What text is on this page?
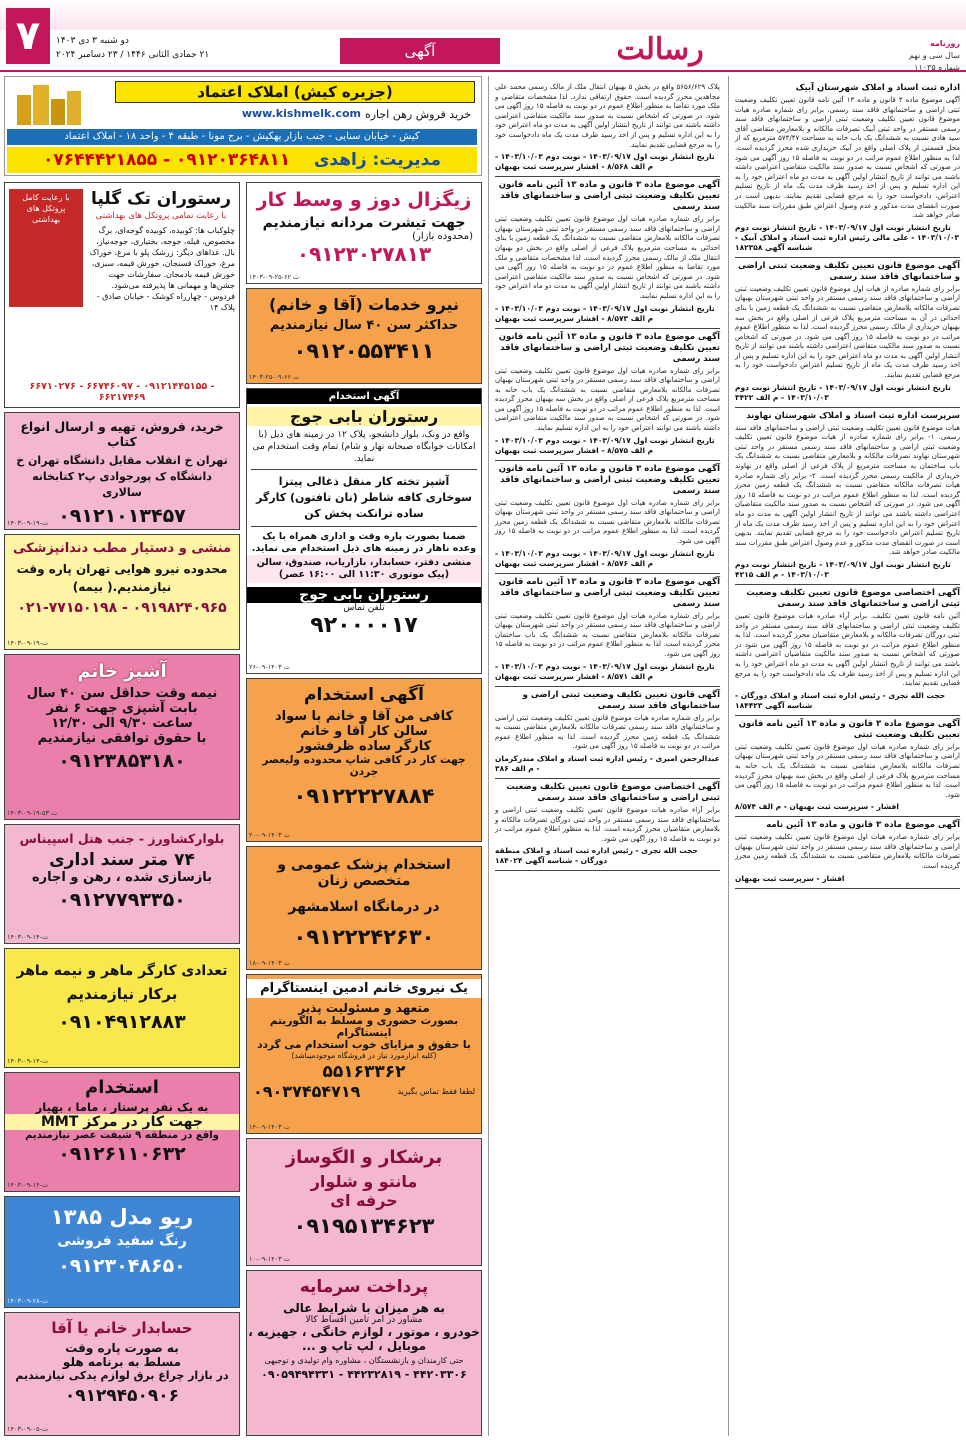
۷	دو شنبه ۳ دی ۱۴۰۳
۲۱ جمادی الثانی ۱۴۴۶ / ۲۳ دسامبر ۲۰۲۴	آگهی	رسالت	روزنامه
سال سی و نهم
شماره ۱۱۰۳۵
اداره ثبت اسناد و املاک شهرستان آبیک
آگهی موضوع ماده ۳ قانون و ماده ۱۳ آئین نامه قانون تعیین تکلیف وضعیت ثبتی اراضی و ساختمانهای فاقد سند رسمی. برابر رای شماره صادره هیات موضوع قانون تعیین تکلیف وضعیت ثبتی اراضی و ساختمانهای فاقد سند رسمی مستقر در واحد ثبتی آبیک تصرفات مالکانه و بلامعارض متقاضی آقای سید هادی نسبت به ششدانگ یک باب خانه به مساحت ۵۷۴/۴۷ مترمربع که از محل قسمتی از پلاک اصلی واقع در آبیک خریداری شده محرز گردیده است. لذا به منظور اطلاع عموم مراتب در دو نوبت به فاصله ۱۵ روز آگهی می شود در صورتی که اشخاص نسبت به صدور سند مالکیت متقاضی اعتراضی داشته باشند می توانند از تاریخ انتشار اولین آگهی به مدت دو ماه اعتراض خود را به این اداره تسلیم و پس از اخذ رسید ظرف مدت یک ماه از تاریخ تسلیم اعتراض، دادخواست خود را به مرجع قضایی تقدیم نمایند. بدیهی است در صورت انقضای مدت مذکور و عدم وصول اعتراض طبق مقررات سند مالکیت صادر خواهد شد.
تاریخ انتشار نوبت اول ۱۴۰۳/۰۹/۱۷ - تاریخ انتشار نوبت دوم ۱۴۰۳/۱۰/۰۳ - علی مالی رئیس اداره ثبت اسناد و املاک آبیک - شناسه آگهی ۱۸۲۳۵۸
آگهی موضوع قانون تعیین تکلیف وضعیت ثبتی اراضی و ساختمانهای فاقد سند رسمی
برابر رای شماره صادره از هیات اول موضوع قانون تعیین تکلیف وضعیت ثبتی اراضی و ساختمانهای فاقد سند رسمی مستقر در واحد ثبتی شهرستان بهبهان تصرفات مالکانه بلامعارض متقاضی نسبت به ششدانگ یک قطعه زمین با بنای احداثی در آن به مساحت مترمربع پلاک فرعی از اصلی واقع در بخش سه بهبهان خریداری از مالک رسمی محرز گردیده است. لذا به منظور اطلاع عموم مراتب در دو نوبت به فاصله ۱۵ روز آگهی می شود. در صورتی که اشخاص نسبت به صدور سند مالکیت متقاضی اعتراضی داشته باشند می توانند از تاریخ انتشار اولین آگهی به مدت دو ماه اعتراض خود را به این اداره تسلیم و پس از اخذ رسید ظرف مدت یک ماه از تاریخ تسلیم اعتراض دادخواست خود را به مرجع قضایی تقدیم نمایند.
تاریخ انتشار نوبت اول ۱۴۰۳/۰۹/۱۷ - تاریخ انتشار نوبت دوم ۱۴۰۳/۱۰/۰۳ - م الف ۳۴۲۲
سرپرست اداره ثبت اسناد و املاک شهرستان نهاوند
هیات موضوع قانون تعیین تکلیف وضعیت ثبتی اراضی و ساختمانهای فاقد سند رسمی. ۱- برابر رای شماره صادره از هیات موضوع قانون تعیین تکلیف وضعیت ثبتی اراضی و ساختمانهای فاقد سند رسمی مستقر در واحد ثبتی شهرستان نهاوند تصرفات مالکانه و بلامعارض متقاضی نسبت به ششدانگ یک باب ساختمان به مساحت مترمربع از پلاک فرعی از اصلی واقع در نهاوند خریداری از مالکیت رسمی محرز گردیده است. ۲- برابر رای شماره صادره هیات تصرفات مالکانه متقاضی نسبت به ششدانگ یک قطعه زمین محرز گردیده است. لذا به منظور اطلاع عموم مراتب در دو نوبت به فاصله ۱۵ روز آگهی می شود. در صورتی که اشخاص نسبت به صدور سند مالکیت متقاضیان اعتراضی داشته باشند می توانند از تاریخ انتشار اولین آگهی به مدت دو ماه اعتراض خود را به این اداره تسلیم و پس از اخذ رسید ظرف مدت یک ماه از تاریخ تسلیم اعتراض دادخواست خود را به مرجع قضایی تقدیم نمایند. بدیهی است در صورت انقضای مدت مذکور و عدم وصول اعتراض طبق مقررات سند مالکیت صادر خواهد شد.
تاریخ انتشار نوبت اول ۱۴۰۳/۰۹/۱۷ - تاریخ انتشار نوبت دوم ۱۴۰۳/۱۰/۰۳ - م الف ۴۲۱۵
آگهی اختصاصی موضوع قانون تعیین تکلیف وضعیت ثبتی اراضی و ساختمانهای فاقد سند رسمی
آئین نامه قانون تعیین تکلیف. برابر آراء صادره هیات موضوع قانون تعیین تکلیف وضعیت ثبتی اراضی و ساختمانهای فاقد سند رسمی مستقر در واحد ثبتی دورگان تصرفات مالکانه و بلامعارض متقاضیان محرز گردیده است. لذا به منظور اطلاع عموم مراتب در دو نوبت به فاصله ۱۵ روز آگهی می شود در صورتی که اشخاص نسبت به صدور سند مالکیت متقاضیان اعتراضی داشته باشند می توانند از تاریخ انتشار اولین آگهی به مدت دو ماه اعتراض خود را به این اداره تسلیم و پس از اخذ رسید ظرف یک ماه دادخواست خود را به مرجع قضایی تقدیم نمایند.
حجت الله تجری - رئیس اداره ثبت اسناد و املاک دورگان - شناسه آگهی ۱۸۴۴۲۳
آگهی موضوع ماده ۳ قانون و ماده ۱۳ آئین نامه قانون تعیین تکلیف وضعیت ثبتی
برابر رای شماره صادره هیات اول موضوع قانون تعیین تکلیف وضعیت ثبتی اراضی و ساختمانهای فاقد سند رسمی مستقر در واحد ثبتی شهرستان بهبهان تصرفات مالکانه بلامعارض متقاضی نسبت به ششدانگ یک باب خانه به مساحت مترمربع پلاک فرعی از اصلی واقع در بخش سه بهبهان محرز گردیده است. لذا به منظور اطلاع عموم مراتب در دو نوبت به فاصله ۱۵ روز آگهی می شود.
افشار - سرپرست ثبت بهبهان - م الف ۸/۵۷۴
آگهی موضوع ماده ۳ قانون و ماده ۱۳ آئین نامه
برابر رای شماره صادره هیات اول موضوع قانون تعیین تکلیف وضعیت ثبتی اراضی و ساختمانهای فاقد سند رسمی مستقر در واحد ثبتی شهرستان بهبهان تصرفات مالکانه بلامعارض متقاضی نسبت به ششدانگ یک قطعه زمین محرز گردیده است.
افشار - سرپرست ثبت بهبهان
پلاک ۵۶۵۶/۶۲۹ واقع در بخش ۵ بهبهان انتقال ملک از مالک رسمی محمد علی مجاهدین محرز گردیده است. حقوق ارتفاقی ندارد. لذا مشخصات متقاضی و ملک مورد تقاضا به منظور اطلاع عموم در دو نوبت به فاصله ۱۵ روز آگهی می شود. در صورتی که اشخاص نسبت به صدور سند مالکیت متقاضی اعتراضی داشته باشند می توانند از تاریخ انتشار اولین آگهی به مدت دو ماه اعتراض خود را به این اداره تسلیم و پس از اخذ رسید ظرف مدت یک ماه دادخواست خود را به مرجع قضایی تقدیم نمایند.
تاریخ انتشار نوبت اول ۱۴۰۳/۰۹/۱۷ - نوبت دوم ۱۴۰۳/۱۰/۰۳ - م الف ۸/۵۶۸ - افشار سرپرست ثبت بهبهان
آگهی موضوع ماده ۳ قانون و ماده ۱۳ آئین نامه قانون تعیین تکلیف وضعیت ثبتی اراضی و ساختمانهای فاقد سند رسمی
برابر رای شماره صادره هیات اول موضوع قانون تعیین تکلیف وضعیت ثبتی اراضی و ساختمانهای فاقد سند رسمی مستقر در واحد ثبتی شهرستان بهبهان تصرفات مالکانه بلامعارض متقاضی نسبت به ششدانگ یک قطعه زمین با بنای احداثی به مساحت مترمربع پلاک فرعی از اصلی واقع در بخش دو بهبهان انتقال ملک از مالک رسمی محرز گردیده است. لذا مشخصات متقاضی و ملک مورد تقاضا به منظور اطلاع عموم در دو نوبت به فاصله ۱۵ روز آگهی می شود. در صورتی که اشخاص نسبت به صدور سند مالکیت متقاضی اعتراضی داشته باشند می توانند از تاریخ انتشار اولین آگهی به مدت دو ماه اعتراض خود را به این اداره تسلیم نمایند.
تاریخ انتشار نوبت اول ۱۴۰۳/۰۹/۱۷ - نوبت دوم ۱۴۰۳/۱۰/۰۳ - م الف ۸/۵۷۳ - افشار سرپرست ثبت بهبهان
آگهی موضوع ماده ۳ قانون و ماده ۱۳ آئین نامه قانون تعیین تکلیف وضعیت ثبتی اراضی و ساختمانهای فاقد سند رسمی
برابر رای شماره صادره هیات اول موضوع قانون تعیین تکلیف وضعیت ثبتی اراضی و ساختمانهای فاقد سند رسمی مستقر در واحد ثبتی شهرستان بهبهان تصرفات مالکانه بلامعارض متقاضی نسبت به ششدانگ یک باب خانه به مساحت مترمربع پلاک فرعی از اصلی واقع در بخش سه بهبهان محرز گردیده است. لذا به منظور اطلاع عموم مراتب در دو نوبت به فاصله ۱۵ روز آگهی می شود. در صورتی که اشخاص نسبت به صدور سند مالکیت متقاضی اعتراضی داشته باشند می توانند اعتراض خود را به این اداره تسلیم نمایند.
تاریخ انتشار نوبت اول ۱۴۰۳/۰۹/۱۷ - نوبت دوم ۱۴۰۳/۱۰/۰۳ - م الف ۸/۵۷۵ - افشار سرپرست ثبت بهبهان
آگهی موضوع ماده ۳ قانون و ماده ۱۳ آئین نامه قانون تعیین تکلیف وضعیت ثبتی اراضی و ساختمانهای فاقد سند رسمی
برابر رای شماره صادره هیات اول موضوع قانون تعیین تکلیف وضعیت ثبتی اراضی و ساختمانهای فاقد سند رسمی مستقر در واحد ثبتی شهرستان بهبهان تصرفات مالکانه بلامعارض متقاضی نسبت به ششدانگ یک قطعه زمین محرز گردیده است. لذا به منظور اطلاع عموم مراتب در دو نوبت به فاصله ۱۵ روز آگهی می شود.
تاریخ انتشار نوبت اول ۱۴۰۳/۰۹/۱۷ - نوبت دوم ۱۴۰۳/۱۰/۰۳ - م الف ۸/۵۷۶ - افشار سرپرست ثبت بهبهان
آگهی موضوع ماده ۳ قانون و ماده ۱۳ آئین نامه قانون تعیین تکلیف وضعیت ثبتی اراضی و ساختمانهای فاقد سند رسمی
برابر رای شماره صادره هیات اول موضوع قانون تعیین تکلیف وضعیت ثبتی اراضی و ساختمانهای فاقد سند رسمی مستقر در واحد ثبتی شهرستان بهبهان تصرفات مالکانه بلامعارض متقاضی نسبت به ششدانگ یک باب ساختمان محرز گردیده است. لذا به منظور اطلاع عموم مراتب در دو نوبت به فاصله ۱۵ روز آگهی می شود.
تاریخ انتشار نوبت اول ۱۴۰۳/۰۹/۱۷ - نوبت دوم ۱۴۰۳/۱۰/۰۳ - م الف ۸/۵۷۱ - افشار سرپرست ثبت بهبهان
آگهی قانون تعیین تکلیف وضعیت ثبتی اراضی و ساختمانهای فاقد سند رسمی
برابر رای شماره صادره هیات موضوع قانون تعیین تکلیف وضعیت ثبتی اراضی و ساختمانهای فاقد سند رسمی تصرفات مالکانه بلامعارض متقاضی نسبت به ششدانگ یک قطعه زمین محرز گردیده است. لذا به منظور اطلاع عموم مراتب در دو نوبت به فاصله ۱۵ روز آگهی می شود.
عبدالرحمن امیری - رئیس اداره ثبت اسناد و املاک مندرکرمان - م الف ۳۸۶
آگهی اختصاصی موضوع قانون تعیین تکلیف وضعیت ثبتی اراضی و ساختمانهای فاقد سند رسمی
برابر آراء صادره هیات موضوع قانون تعیین تکلیف وضعیت ثبتی اراضی و ساختمانهای فاقد سند رسمی مستقر در واحد ثبتی دورگان تصرفات مالکانه و بلامعارض متقاضیان محرز گردیده است. لذا به منظور اطلاع عموم مراتب در دو نوبت به فاصله ۱۵ روز آگهی می شود.
حجت الله تجری - رئیس اداره ثبت اسناد و املاک منطقه دورگان - شناسه آگهی ۱۸۴۰۲۴
(جزیره کیش) املاک اعتماد
خرید فروش رهن اجاره
www.kishmelk.com
کیش - خیابان سنایی - جنب بازار پهکیش - برج مونا - طبقه ۴ - واحد ۱۸ - املاک اعتماد
مدیریت: زاهدی    ۰۹۱۲۰۳۶۴۸۱۱ - ۰۷۶۴۴۴۲۱۸۵۵
زیگزال دوز و وسط کار
جهت تیشرت مردانه نیازمندیم
(محدوده بازار)
۰۹۱۲۳۰۲۷۸۱۳
۱۴۰۳-۰۹-۲۵-ت ۶۲
نیرو خدمات (آقا و خانم)
حداکثر سن ۴۰ سال نیازمندیم
۰۹۱۲۰۵۵۳۴۱۱
ت ۶۶-۰۹-۲۵-۱۴۰۳
آگهی استخدام
رستوران بابی جوج
واقع در ونک، بلوار دانشجو، پلاک ۱۲ در زمینه های ذیل (با امکانات خوابگاه صبحانه نهار و شام) تمام وقت استخدام می نماید.
آشپز تخته کار منقل ذغالی پیتزا سوخاری کافه شاطر (نان تافتون) کارگر ساده ترانکت پخش کن
ضمنا بصورت پاره وقت و اداری همراه با یک وعده ناهار در زمینه های ذیل استخدام می نماید.
منشی دفتر، حسابدار، بازاریاب، صندوق، سالن (پیک موتوری ۱۱:۳۰ الی ۱۶:۰۰ عصر)
رستوران بابی جوج
تلفن تماس
۹۲۰۰۰۰۱۷
ت ۱۴۰۳-۰۹-۲۶
آگهی استخدام
کافی من آقا و خانم با سواد
سالن کار آقا و خانم
کارگر ساده ظرفشور
جهت کار در کافی شاپ محدوده ولیعصر جردن
۰۹۱۲۲۲۲۷۸۸۴
ت ۱۴۰۳-۰۹-۲۰
استخدام پزشک عمومی و متخصص زنان
در درمانگاه اسلامشهر
۰۹۱۲۲۲۴۲۶۳۰
ت ۱۴۰۳-۰۹-۱۸
یک نیروی خانم ادمین اینستاگرام
متعهد و مسئولیت پذیر
بصورت حضوری و مسلط به الگوریتم اینستاگرام
با حقوق و مزایای خوب استخدام می گردد
(کلیه ابزارمورد نیاز در فروشگاه موجودمیباشد)
۵۵۱۶۳۳۶۲
لطفا فقط تماس بگیرید
۰۹۰۳۷۴۵۴۷۱۹
ت ۱۴۰۳-۰۹-۱۴
برشکار و الگوساز
مانتو و شلوار
حرفه ای
۰۹۱۹۵۱۳۴۶۲۳
ت ۱۴۰۳-۰۹-۱۰
پرداخت سرمایه
به هر میزان با شرایط عالی
مشاور در امر تامین اقساط کالا
خودرو ، موتور ، لوازم خانگی ، جهیزیه ،
موبایل ، لپ تاپ و ...
حتی کارمندان و بازنشستگان ، مشاوره وام تولیدی و توجیهی
۰۹۰۵۹۴۹۴۳۳۱ - ۴۴۲۳۲۸۱۹ - ۴۴۲۰۳۳۰۶
با رعایت کامل پروتکل های بهداشتی
رستوران تک گلپا
با رعایت تمامی پروتکل های بهداشتی
چلوکباب ها: کوبیده، کوبیده گوجه‌ای، برگ مخصوص، فیله، جوجه، بختیاری، جوجه‌نیاز، بال. غذاهای دیگر: زرشک پلو با مرغ، خوراک مرغ، خوراک فسنجان، خورش قیمه، سبزی، خورش قیمه بادمجان. سفارشات جهت جشن‌ها و مهمانی ها پذیرفته می‌شود. فردوس - چهارراه کوشک - خیابان صادق - پلاک ۱۴
۶۶۷۱۰۲۷۶ - ۶۶۷۴۶۰۹۷ - ۰۹۱۲۱۴۴۵۱۵۵ - ۶۶۲۱۷۴۶۹
خرید، فروش، تهیه و ارسال انواع کتاب
تهران خ انقلاب مقابل دانشگاه تهران خ دانشگاه ک پورجوادی پ۲ کتابخانه سالاری
۰۹۱۲۱۰۱۳۴۵۷
۱۴۰۳-۰۹-۱۹-ت
منشی و دستیار مطب دندانپزشکی
محدوده نیرو هوایی تهران پاره وقت نیازمندیم.( بیمه)
۰۲۱-۷۷۱۵۰۱۹۸ - ۰۹۱۹۸۲۴۰۹۶۵
۱۴۰۳-۰۹-۱۹-ت
آشپز خانم
نیمه وقت حداقل سن ۴۰ سال
بابت آشپزی جهت ۶ نفر
ساعت ۹/۳۰ الی ۱۲/۳۰
با حقوق توافقی نیازمندیم
۰۹۱۲۳۸۵۳۱۸۰
۱۴۰۳-۰۹-۱۹-ت ۵۳
بلوارکشاورز - جنب هتل اسپیناس
۷۴ متر سند اداری
بازسازی شده ، رهن و اجاره
۰۹۱۲۷۷۹۳۳۵۰
۱۴۰۳-۰۹-۱۴-ت
تعدادی کارگر ماهر و نیمه ماهر
برکار نیازمندیم
۰۹۱۰۴۹۱۲۸۸۳
۱۴۰۳-۰۹-۱۴-ت
استخدام
به یک نفر پرستار ، ماما ، بهیار
جهت کار در مرکز MMT
واقع در منطقه ۹ شیفت عصر نیازمندیم
۰۹۱۲۶۱۱۰۶۳۲
۱۴۰۳-۰۹-۱۴-ت
ریو مدل ۱۳۸۵
رنگ سفید فروشی
۰۹۱۲۳۰۴۸۶۵۰
۱۴۰۳-۰۹-۲۸-ت
حسابدار خانم یا آقا
به صورت پاره وقت
مسلط به برنامه هلو
در بازار چراغ برق لوازم یدکی نیازمندیم
۰۹۱۲۹۴۵۰۹۰۶
۱۴۰۳-۰۹-۰۵-ت
